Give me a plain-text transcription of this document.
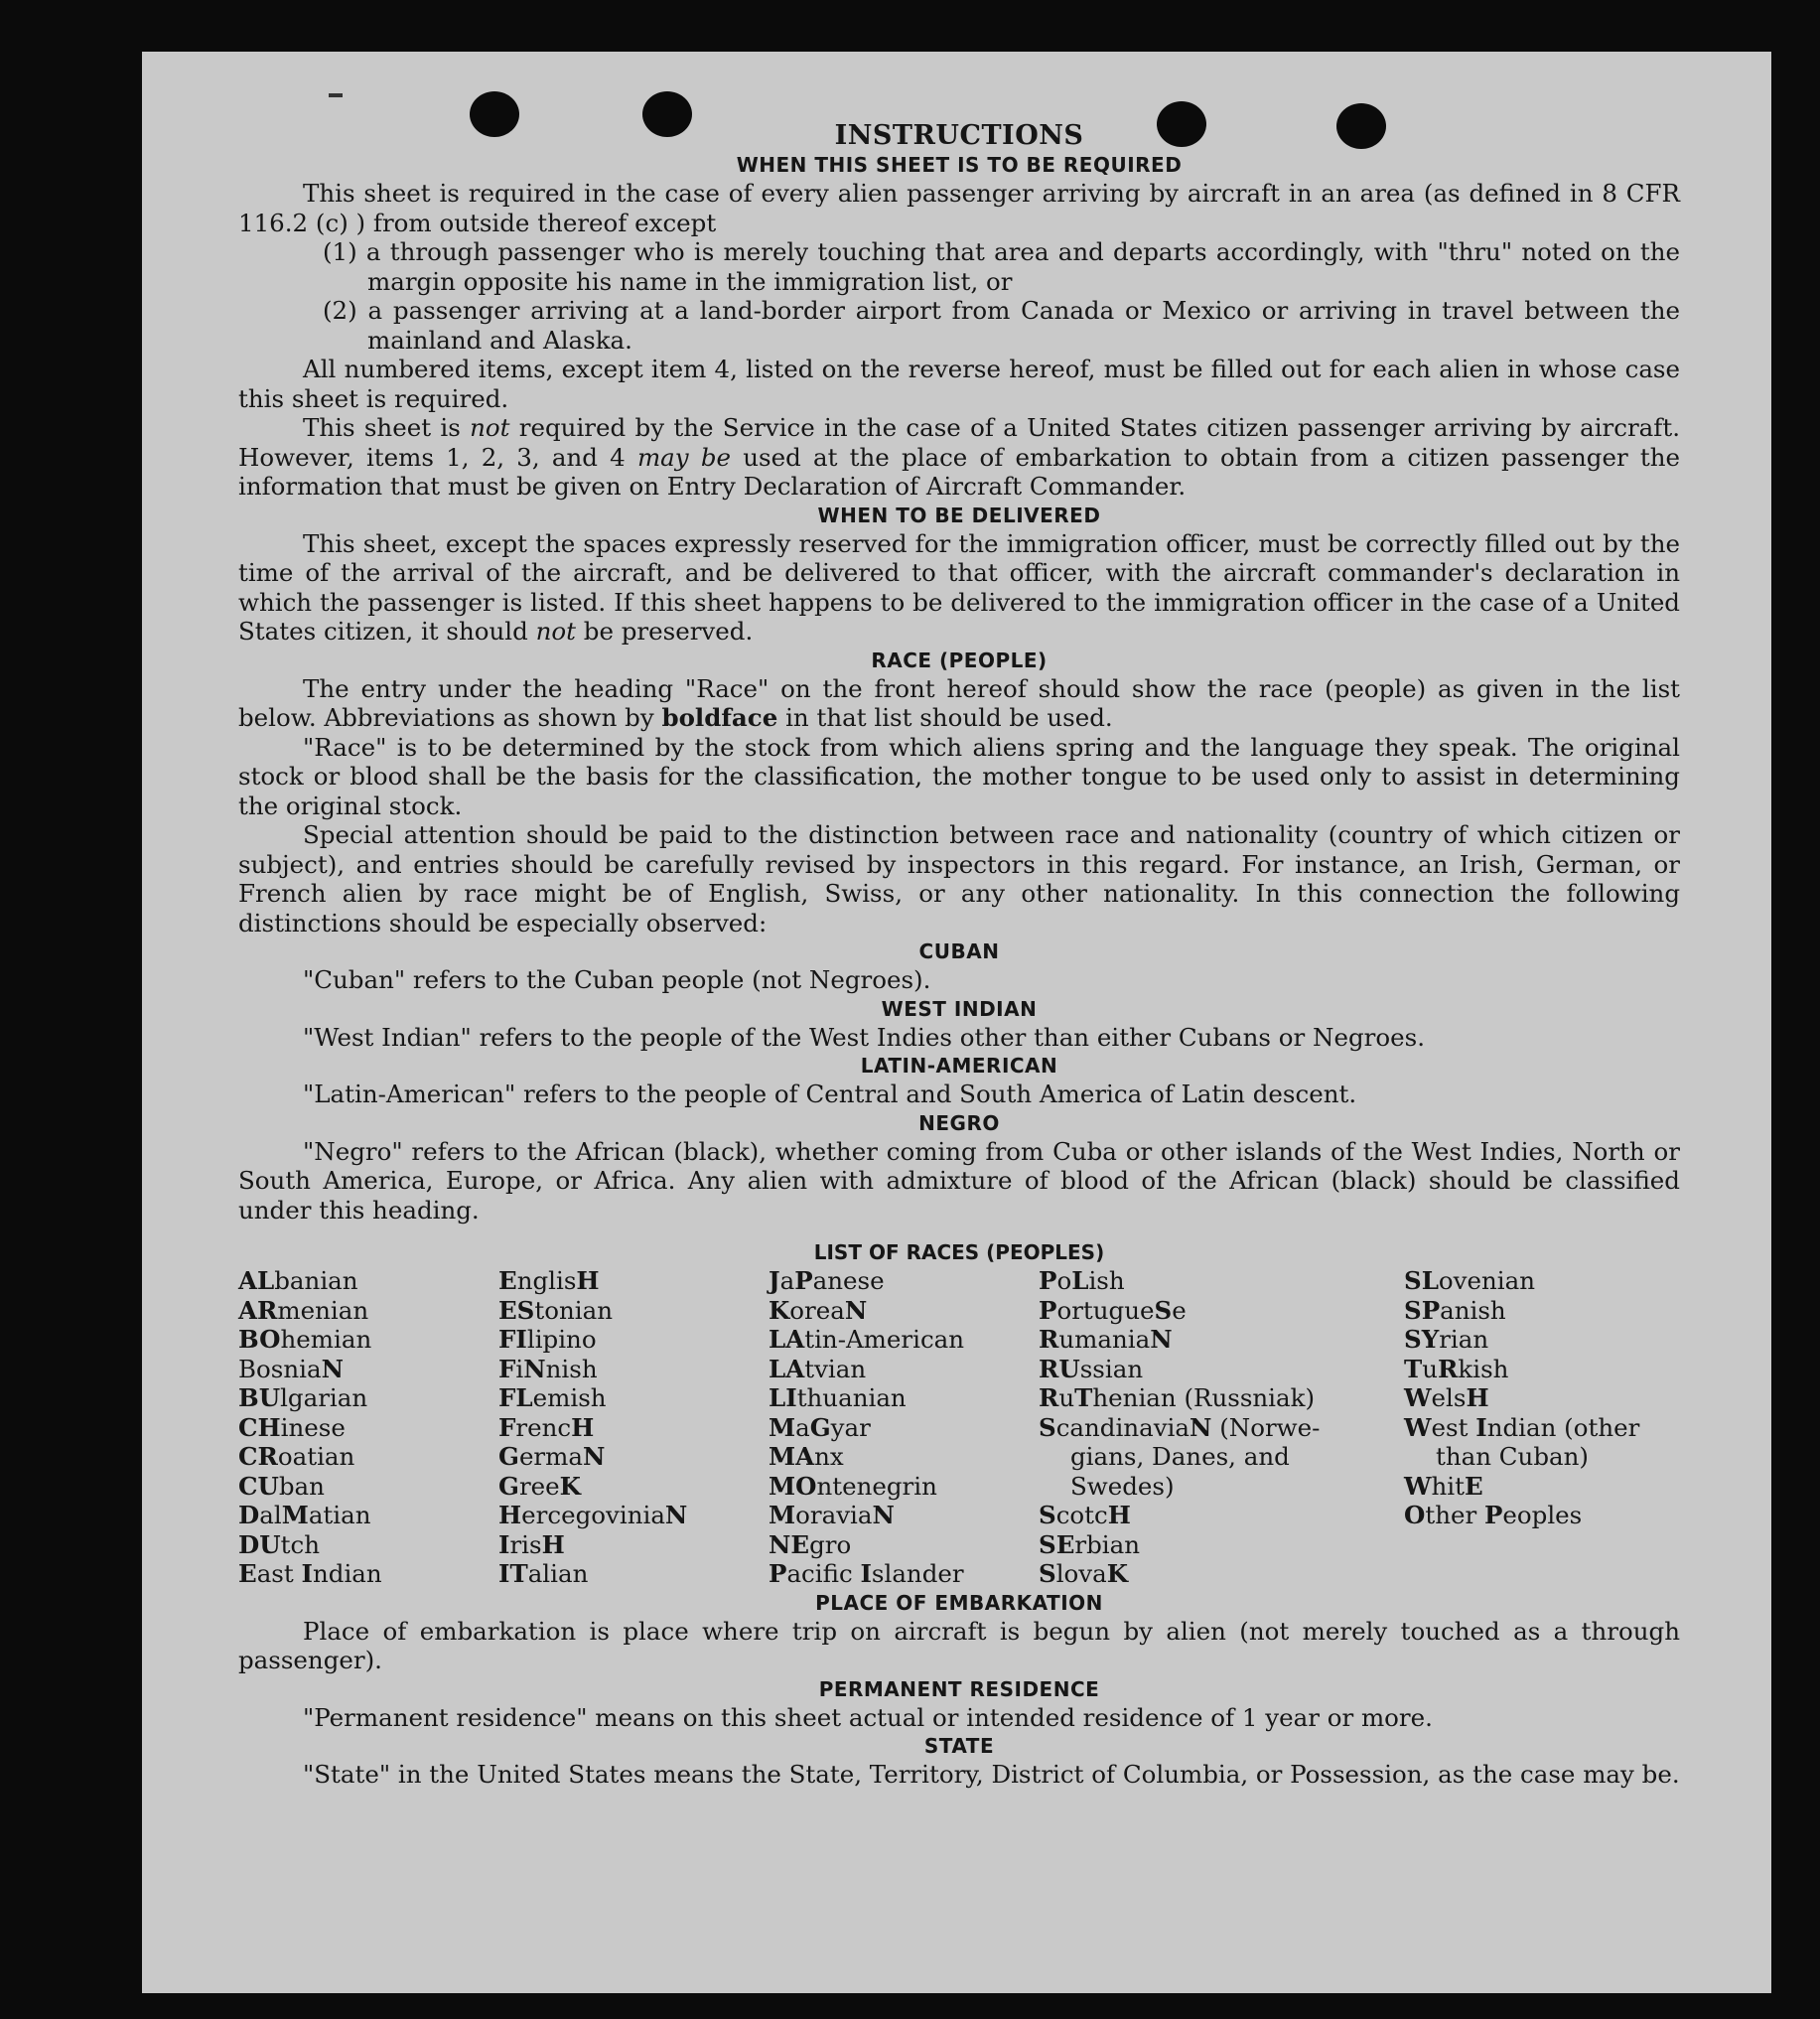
INSTRUCTIONS
WHEN THIS SHEET IS TO BE REQUIRED

This sheet is required in the case of every alien passenger arriving by aircraft in an area (as defined in 8 CFR 116.2 (c) ) from outside thereof except

(1) a through passenger who is merely touching that area and departs accordingly, with "thru" noted on the margin opposite his name in the immigration list, or

(2) a passenger arriving at a land-border airport from Canada or Mexico or arriving in travel between the mainland and Alaska.

All numbered items, except item 4, listed on the reverse hereof, must be filled out for each alien in whose case this sheet is required.

This sheet is not required by the Service in the case of a United States citizen passenger arriving by aircraft. However, items 1, 2, 3, and 4 may be used at the place of embarkation to obtain from a citizen passenger the information that must be given on Entry Declaration of Aircraft Commander.

WHEN TO BE DELIVERED

This sheet, except the spaces expressly reserved for the immigration officer, must be correctly filled out by the time of the arrival of the aircraft, and be delivered to that officer, with the aircraft commander's declaration in which the passenger is listed. If this sheet happens to be delivered to the immigration officer in the case of a United States citizen, it should not be preserved.

RACE (PEOPLE)

The entry under the heading "Race" on the front hereof should show the race (people) as given in the list below. Abbreviations as shown by boldface in that list should be used.

"Race" is to be determined by the stock from which aliens spring and the language they speak. The original stock or blood shall be the basis for the classification, the mother tongue to be used only to assist in determining the original stock.

Special attention should be paid to the distinction between race and nationality (country of which citizen or subject), and entries should be carefully revised by inspectors in this regard. For instance, an Irish, German, or French alien by race might be of English, Swiss, or any other nationality. In this connection the following distinctions should be especially observed:

CUBAN

"Cuban" refers to the Cuban people (not Negroes).

WEST INDIAN

"West Indian" refers to the people of the West Indies other than either Cubans or Negroes.

LATIN-AMERICAN

"Latin-American" refers to the people of Central and South America of Latin descent.

NEGRO

"Negro" refers to the African (black), whether coming from Cuba or other islands of the West Indies, North or South America, Europe, or Africa. Any alien with admixture of blood of the African (black) should be classified under this heading.

LIST OF RACES (PEOPLES)
ALbanian
ARmenian
BOhemian
BosniaN
BUlgarian
CHinese
CRoatian
CUban
DalMatian
DUtch
East Indian
EnglisH
EStonian
FIlipino
FiNnish
FLemish
FrencH
GermaN
GreeK
HercegoviniaN
IrisH
ITalian
JaPanese
KoreaN
LAtin-American
LAtvian
LIthuanian
MaGyar
MAnx
MOntenegrin
MoraviaN
NEgro
Pacific Islander
PoLish
PortugueSe
RumaniaN
RUssian
RuThenian (Russniak)
ScandinaviaN (Norwe-
gians, Danes, and
Swedes)
ScotcH
SErbian
SlovaK
SLovenian
SPanish
SYrian
TuRkish
WelsH
West Indian (other
than Cuban)
WhitE
Other Peoples
PLACE OF EMBARKATION

Place of embarkation is place where trip on aircraft is begun by alien (not merely touched as a through passenger).

PERMANENT RESIDENCE

"Permanent residence" means on this sheet actual or intended residence of 1 year or more.

STATE

"State" in the United States means the State, Territory, District of Columbia, or Possession, as the case may be.
